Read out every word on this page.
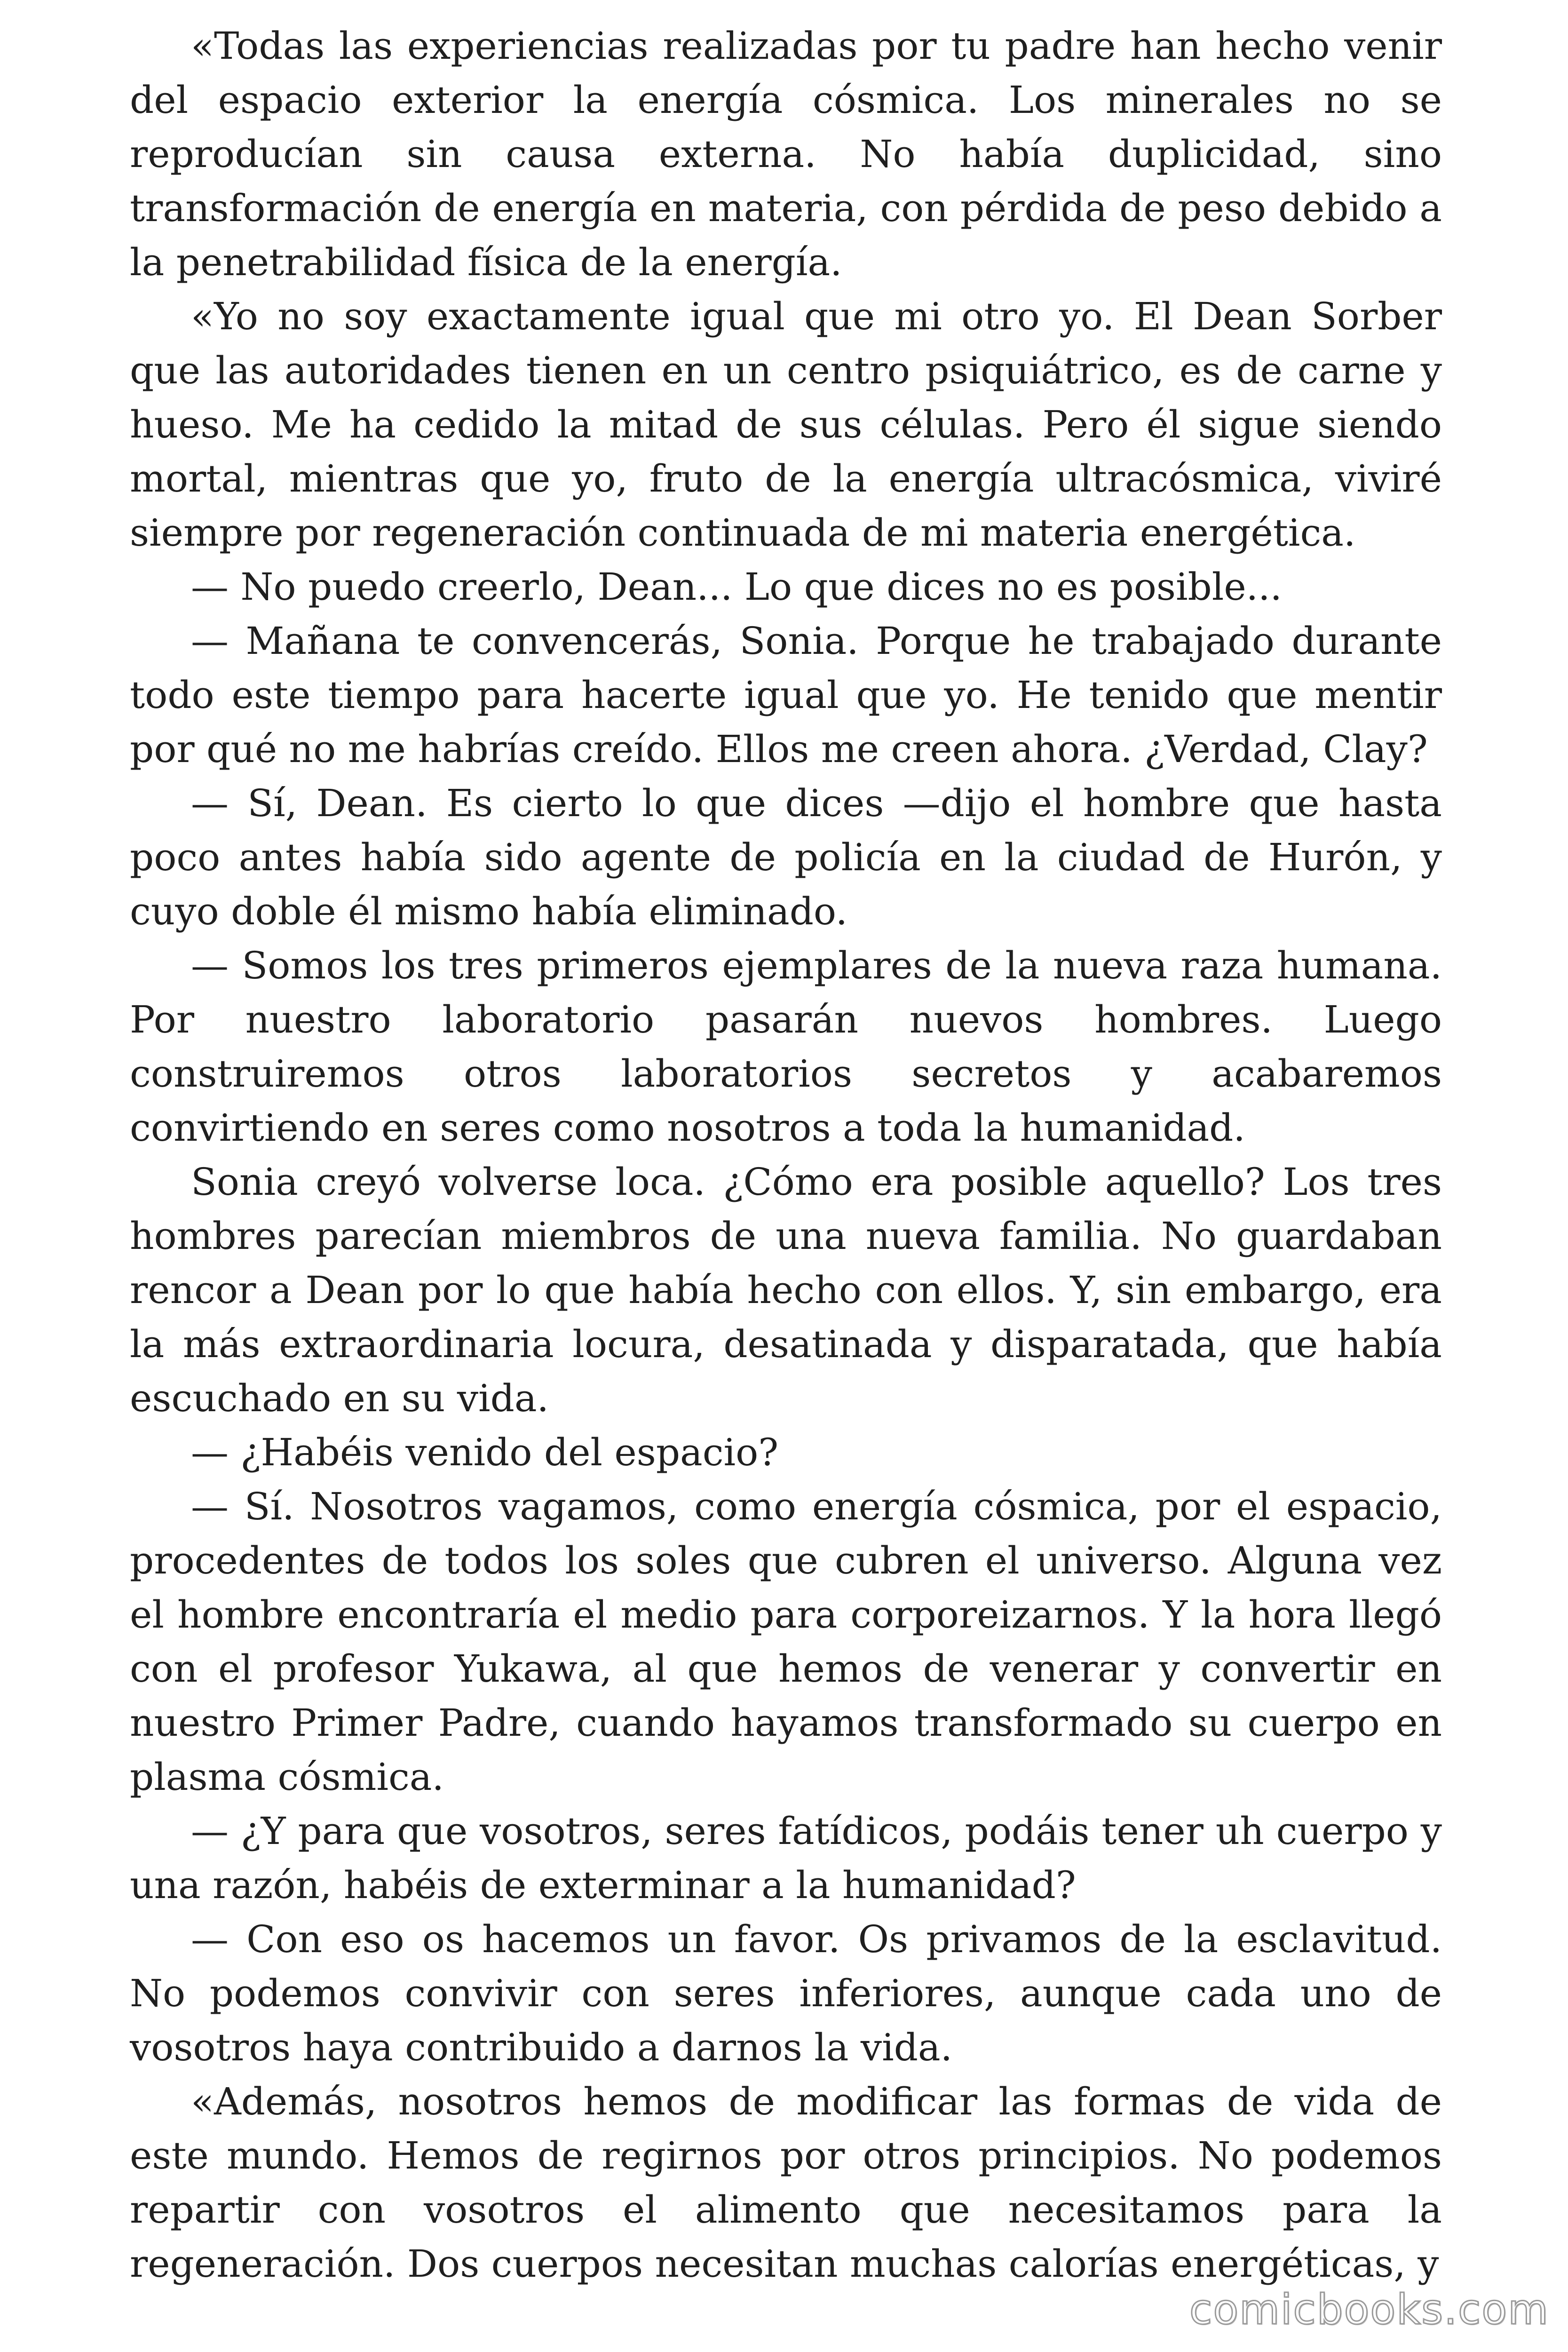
«Todas las experiencias realizadas por tu padre han hecho venir del espacio exterior la energía cósmica. Los minerales no se reproducían sin causa externa. No había duplicidad, sino transformación de energía en materia, con pérdida de peso debido a la penetrabilidad física de la energía.

«Yo no soy exactamente igual que mi otro yo. El Dean Sorber que las autoridades tienen en un centro psiquiátrico, es de carne y hueso. Me ha cedido la mitad de sus células. Pero él sigue siendo mortal, mientras que yo, fruto de la energía ultracósmica, viviré siempre por regeneración continuada de mi materia energética.

— No puedo creerlo, Dean... Lo que dices no es posible...

— Mañana te convencerás, Sonia. Porque he trabajado durante todo este tiempo para hacerte igual que yo. He tenido que mentir por qué no me habrías creído. Ellos me creen ahora. ¿Verdad, Clay?

— Sí, Dean. Es cierto lo que dices —dijo el hombre que hasta poco antes había sido agente de policía en la ciudad de Hurón, y cuyo doble él mismo había eliminado.

— Somos los tres primeros ejemplares de la nueva raza humana. Por nuestro laboratorio pasarán nuevos hombres. Luego construiremos otros laboratorios secretos y acabaremos convirtiendo en seres como nosotros a toda la humanidad.

Sonia creyó volverse loca. ¿Cómo era posible aquello? Los tres hombres parecían miembros de una nueva familia. No guardaban rencor a Dean por lo que había hecho con ellos. Y, sin embargo, era la más extraordinaria locura, desatinada y disparatada, que había escuchado en su vida.

— ¿Habéis venido del espacio?

— Sí. Nosotros vagamos, como energía cósmica, por el espacio, procedentes de todos los soles que cubren el universo. Alguna vez el hombre encontraría el medio para corporeizarnos. Y la hora llegó con el profesor Yukawa, al que hemos de venerar y convertir en nuestro Primer Padre, cuando hayamos transformado su cuerpo en plasma cósmica.

— ¿Y para que vosotros, seres fatídicos, podáis tener uh cuerpo y una razón, habéis de exterminar a la humanidad?

— Con eso os hacemos un favor. Os privamos de la esclavitud. No podemos convivir con seres inferiores, aunque cada uno de vosotros haya contribuido a darnos la vida.

«Además, nosotros hemos de modificar las formas de vida de este mundo. Hemos de regirnos por otros principios. No podemos repartir con vosotros el alimento que necesitamos para la regeneración. Dos cuerpos necesitan muchas calorías energéticas, y

comicbooks.com
